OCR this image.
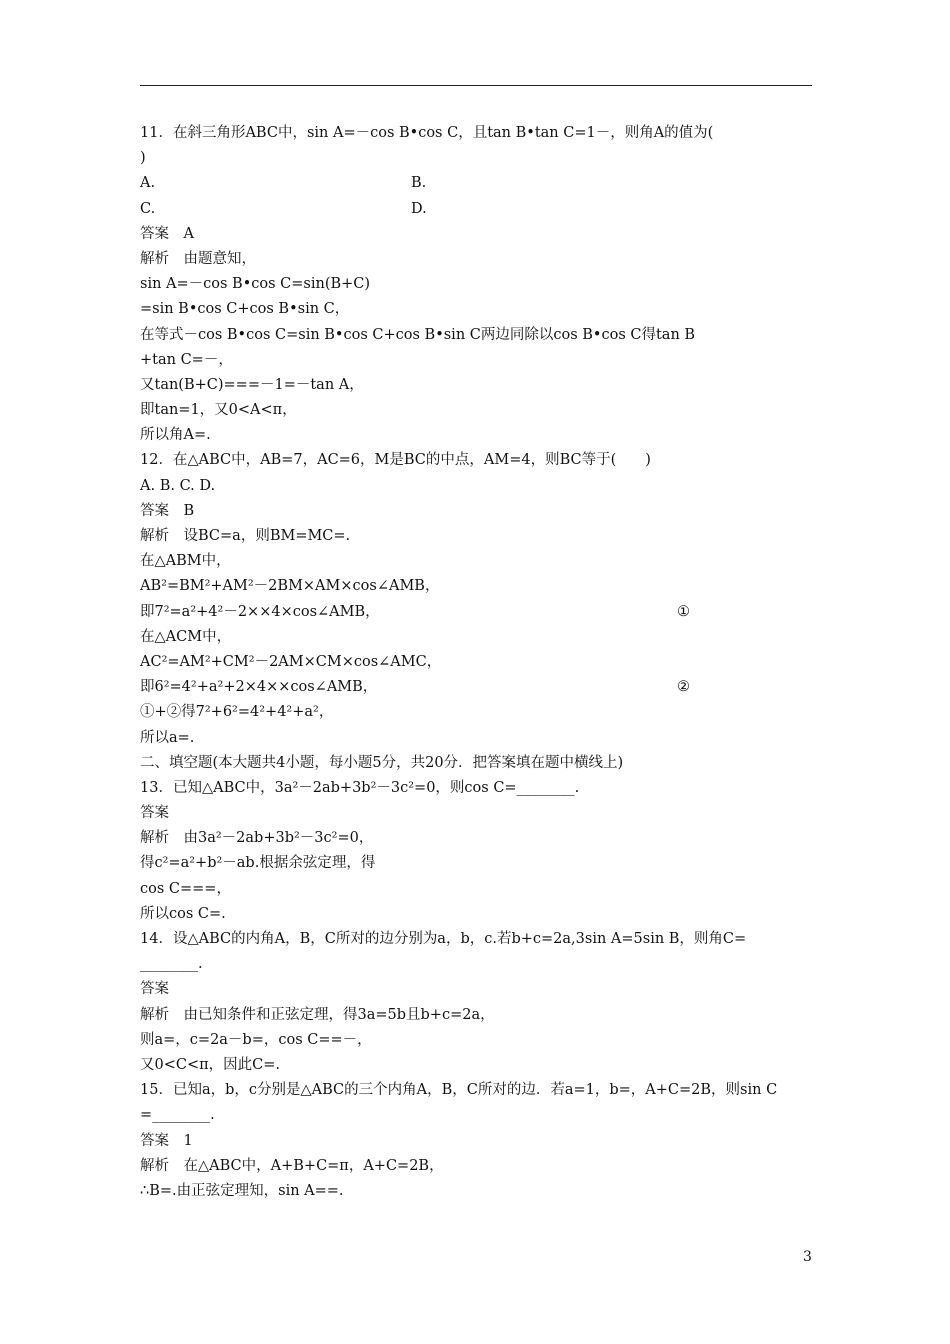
11．在斜三角形ABC中，sin A=－cos B•cos C，且tan B•tan C=1－，则角A的值为(
)
A.	B.
C.	D.
答案　A
解析　由题意知，
sin A=－cos B•cos C=sin(B+C)
=sin B•cos C+cos B•sin C，
在等式－cos B•cos C=sin B•cos C+cos B•sin C两边同除以cos B•cos C得tan B
+tan C=－，
又tan(B+C)===－1=－tan A，
即tan=1，又0<A<π，
所以角A=.
12．在△ABC中，AB=7，AC=6，M是BC的中点，AM=4，则BC等于(　　)
A. B. C. D.
答案　B
解析　设BC=a，则BM=MC=.
在△ABM中，
AB²=BM²+AM²－2BM×AM×cos∠AMB，
即7²=a²+4²－2××4×cos∠AMB，	①
在△ACM中，
AC²=AM²+CM²－2AM×CM×cos∠AMC，
即6²=4²+a²+2×4××cos∠AMB，	②
①+②得7²+6²=4²+4²+a²，
所以a=.
二、填空题(本大题共4小题，每小题5分，共20分．把答案填在题中横线上)
13．已知△ABC中，3a²－2ab+3b²－3c²=0，则cos C=________.
答案
解析　由3a²－2ab+3b²－3c²=0，
得c²=a²+b²－ab.根据余弦定理，得
cos C===，
所以cos C=.
14．设△ABC的内角A，B，C所对的边分别为a，b，c.若b+c=2a,3sin A=5sin B，则角C=
________.
答案
解析　由已知条件和正弦定理，得3a=5b且b+c=2a，
则a=，c=2a－b=，cos C==－，
又0<C<π，因此C=.
15．已知a，b，c分别是△ABC的三个内角A，B，C所对的边．若a=1，b=，A+C=2B，则sin C
=________.
答案　1
解析　在△ABC中，A+B+C=π，A+C=2B，
∴B=.由正弦定理知，sin A==.
3
